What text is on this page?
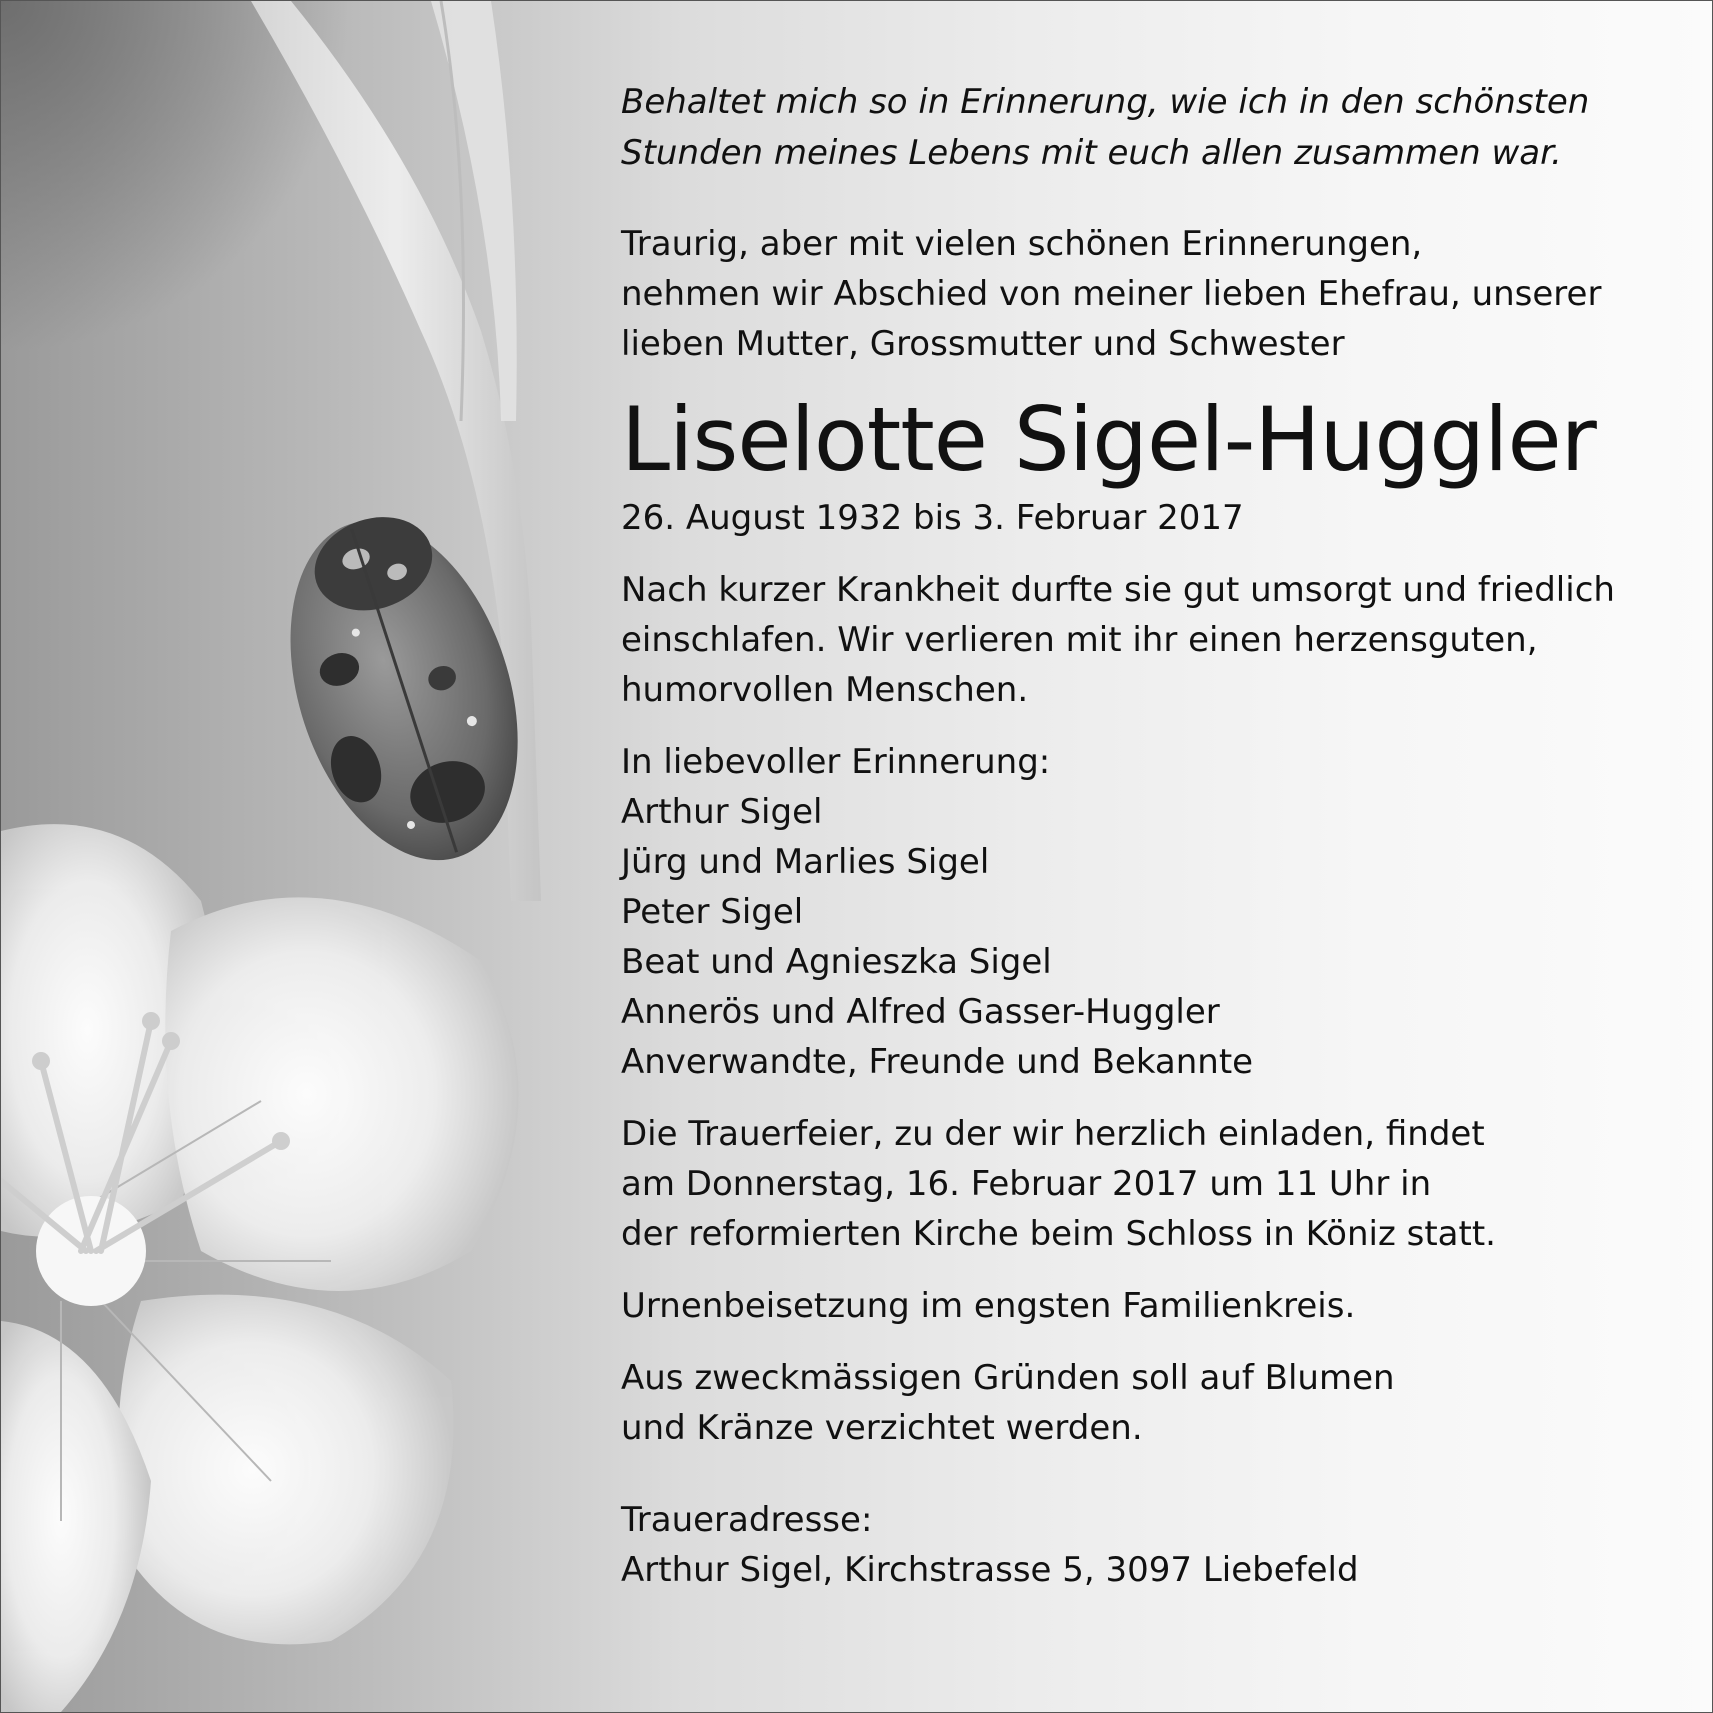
Behaltet mich so in Erinnerung, wie ich in den schönsten
Stunden meines Lebens mit euch allen zusammen war.
Traurig, aber mit vielen schönen Erinnerungen,
nehmen wir Abschied von meiner lieben Ehefrau, unserer
lieben Mutter, Grossmutter und Schwester
Liselotte Sigel-Huggler
26. August 1932 bis 3. Februar 2017
Nach kurzer Krankheit durfte sie gut umsorgt und friedlich
einschlafen. Wir verlieren mit ihr einen herzensguten,
humorvollen Menschen.
In liebevoller Erinnerung:
Arthur Sigel
Jürg und Marlies Sigel
Peter Sigel
Beat und Agnieszka Sigel
Annerös und Alfred Gasser-Huggler
Anverwandte, Freunde und Bekannte
Die Trauerfeier, zu der wir herzlich einladen, findet
am Donnerstag, 16. Februar 2017 um 11 Uhr in
der reformierten Kirche beim Schloss in Köniz statt.
Urnenbeisetzung im engsten Familienkreis.
Aus zweckmässigen Gründen soll auf Blumen
und Kränze verzichtet werden.
Traueradresse:
Arthur Sigel, Kirchstrasse 5, 3097 Liebefeld
